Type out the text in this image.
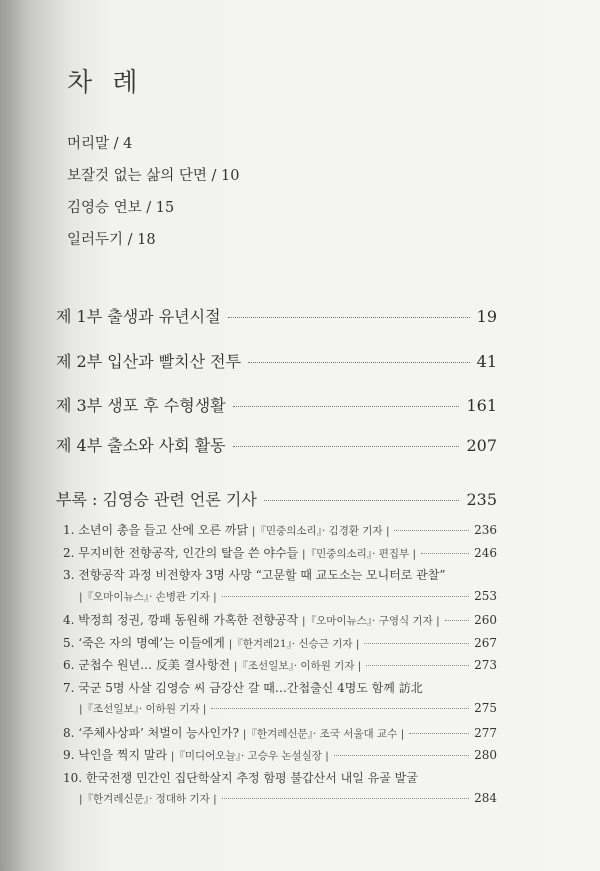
차 례
머리말 / 4
보잘것 없는 삶의 단면 / 10
김영승 연보 / 15
일러두기 / 18
제 1부 출생과 유년시절	19
제 2부 입산과 빨치산 전투	41
제 3부 생포 후 수형생활	161
제 4부 출소와 사회 활동	207
부록 : 김영승 관련 언론 기사	235
1. 소년이 총을 들고 산에 오른 까닭
|『민중의소리』· 김경환 기자 |	236
2. 무지비한 전향공작, 인간의 탈을 쓴 야수들
|『민중의소리』· 편집부 |	246
3. 전향공작 과정 비전향자 3명 사망 “고문할 때 교도소는 모니터로 관찰”
|『오마이뉴스』· 손병관 기자 |	253
4. 박정희 정권, 깡패 동원해 가혹한 전향공작
|『오마이뉴스』· 구영식 기자 |	260
5. ‘죽은 자의 명예’는 이들에게
|『한겨레21』· 신승근 기자 |	267
6. 군첩수 원년… 反美 결사항전
|『조선일보』· 이하원 기자 |	273
7. 국군 5명 사살 김영승 씨 금강산 갈 때…간첩출신 4명도 함께 訪北
|『조선일보』· 이하원 기자 |	275
8. ‘주체사상파’ 처벌이 능사인가?
|『한겨레신문』· 조국 서울대 교수 |	277
9. 낙인을 찍지 말라
|『미디어오늘』· 고승우 논설실장 |	280
10. 한국전쟁 민간인 집단학살지 추정 함평 불갑산서 내일 유골 발굴
|『한겨레신문』· 정대하 기자 |	284
